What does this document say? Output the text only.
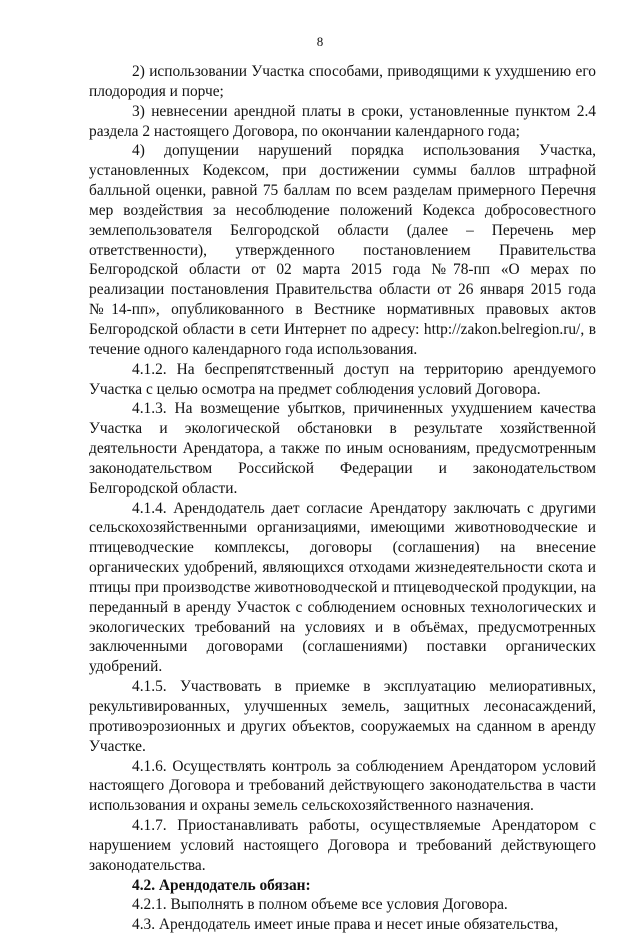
8

2) использовании Участка способами, приводящими к ухудшению его плодородия и порче;

3) невнесении арендной платы в сроки, установленные пунктом 2.4 раздела 2 настоящего Договора, по окончании календарного года;

4) допущении нарушений порядка использования Участка, установленных Кодексом, при достижении суммы баллов штрафной балльной оценки, равной 75 баллам по всем разделам примерного Перечня мер воздействия за несоблюдение положений Кодекса добросовестного землепользователя Белгородской области (далее – Перечень мер ответственности), утвержденного постановлением Правительства Белгородской области от 02 марта 2015 года №78-пп «О мерах по реализации постановления Правительства области от 26 января 2015 года №14-пп», опубликованного в Вестнике нормативных правовых актов Белгородской области в сети Интернет по адресу: http://zakon.belregion.ru/, в течение одного календарного года использования.

4.1.2. На беспрепятственный доступ на территорию арендуемого Участка с целью осмотра на предмет соблюдения условий Договора.

4.1.3. На возмещение убытков, причиненных ухудшением качества Участка и экологической обстановки в результате хозяйственной деятельности Арендатора, а также по иным основаниям, предусмотренным законодательством Российской Федерации и законодательством Белгородской области.

4.1.4. Арендодатель дает согласие Арендатору заключать с другими сельскохозяйственными организациями, имеющими животноводческие и птицеводческие комплексы, договоры (соглашения) на внесение органических удобрений, являющихся отходами жизнедеятельности скота и птицы при производстве животноводческой и птицеводческой продукции, на переданный в аренду Участок с соблюдением основных технологических и экологических требований на условиях и в объёмах, предусмотренных заключенными договорами (соглашениями) поставки органических удобрений.

4.1.5. Участвовать в приемке в эксплуатацию мелиоративных, рекультивированных, улучшенных земель, защитных лесонасаждений, противоэрозионных и других объектов, сооружаемых на сданном в аренду Участке.

4.1.6. Осуществлять контроль за соблюдением Арендатором условий настоящего Договора и требований действующего законодательства в части использования и охраны земель сельскохозяйственного назначения.

4.1.7. Приостанавливать работы, осуществляемые Арендатором с нарушением условий настоящего Договора и требований действующего законодательства.

4.2. Арендодатель обязан:

4.2.1. Выполнять в полном объеме все условия Договора.

4.3. Арендодатель имеет иные права и несет иные обязательства,
